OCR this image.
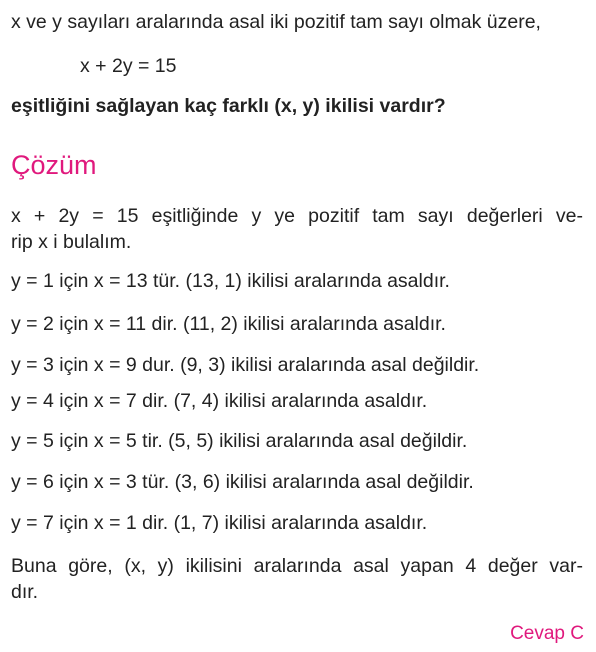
x ve y sayıları aralarında asal iki pozitif tam sayı olmak üzere,
x + 2y = 15
eşitliğini sağlayan kaç farklı (x, y) ikilisi vardır?
Çözüm
x + 2y = 15 eşitliğinde y ye pozitif tam sayı değerleri ve-
rip x i bulalım.
y = 1 için x = 13 tür. (13, 1) ikilisi aralarında asaldır.
y = 2 için x = 11 dir. (11, 2) ikilisi aralarında asaldır.
y = 3 için x = 9 dur. (9, 3) ikilisi aralarında asal değildir.
y = 4 için x = 7 dir. (7, 4) ikilisi aralarında asaldır.
y = 5 için x = 5 tir. (5, 5) ikilisi aralarında asal değildir.
y = 6 için x = 3 tür. (3, 6) ikilisi aralarında asal değildir.
y = 7 için x = 1 dir. (1, 7) ikilisi aralarında asaldır.
Buna göre, (x, y) ikilisini aralarında asal yapan 4 değer var-
dır.
Cevap C
